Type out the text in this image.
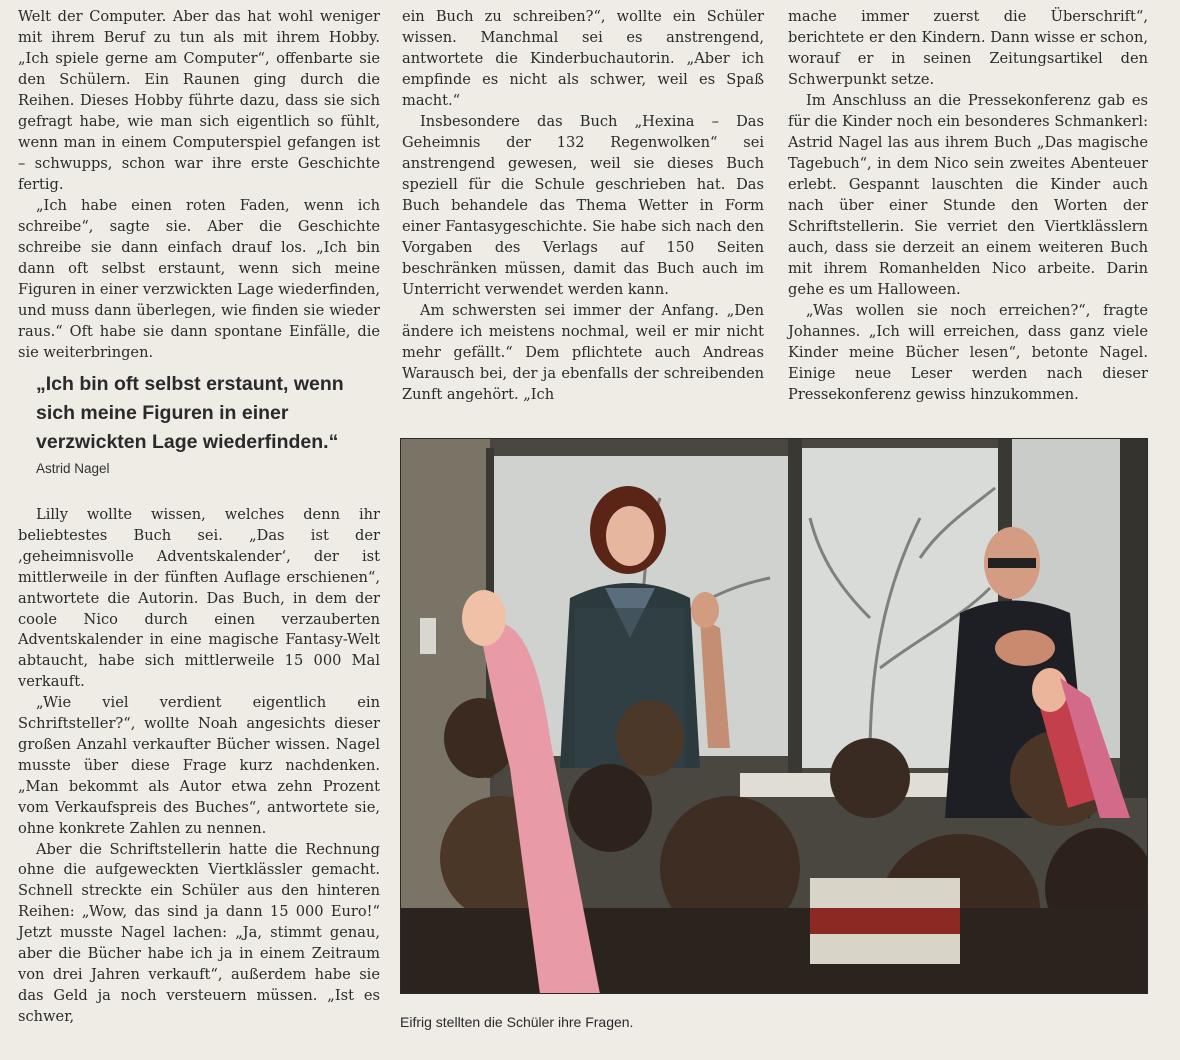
Welt der Computer. Aber das hat wohl weniger mit ihrem Beruf zu tun als mit ihrem Hobby. „Ich spiele gerne am Computer“, offenbarte sie den Schülern. Ein Raunen ging durch die Reihen. Dieses Hobby führte dazu, dass sie sich gefragt habe, wie man sich eigentlich so fühlt, wenn man in einem Computerspiel gefangen ist – schwupps, schon war ihre erste Geschichte fertig.

„Ich habe einen roten Faden, wenn ich schreibe“, sagte sie. Aber die Geschichte schreibe sie dann einfach drauf los. „Ich bin dann oft selbst erstaunt, wenn sich meine Figuren in einer verzwickten Lage wiederfinden, und muss dann überlegen, wie finden sie wieder raus.“ Oft habe sie dann spontane Einfälle, die sie weiterbringen.

„Ich bin oft selbst erstaunt, wenn sich meine Figuren in einer verzwickten Lage wiederfinden.“

Astrid Nagel

Lilly wollte wissen, welches denn ihr beliebtestes Buch sei. „Das ist der ‚geheimnisvolle Adventskalender‘, der ist mittlerweile in der fünften Auflage erschienen“, antwortete die Autorin. Das Buch, in dem der coole Nico durch einen verzauberten Adventskalender in eine magische Fantasy-Welt abtaucht, habe sich mittlerweile 15 000 Mal verkauft.

„Wie viel verdient eigentlich ein Schriftsteller?“, wollte Noah angesichts dieser großen Anzahl verkaufter Bücher wissen. Nagel musste über diese Frage kurz nachdenken. „Man bekommt als Autor etwa zehn Prozent vom Verkaufspreis des Buches“, antwortete sie, ohne konkrete Zahlen zu nennen.

Aber die Schriftstellerin hatte die Rechnung ohne die aufgeweckten Viertklässler gemacht. Schnell streckte ein Schüler aus den hinteren Reihen: „Wow, das sind ja dann 15 000 Euro!“ Jetzt musste Nagel lachen: „Ja, stimmt genau, aber die Bücher habe ich ja in einem Zeitraum von drei Jahren verkauft“, außerdem habe sie das Geld ja noch versteuern müssen. „Ist es schwer,

ein Buch zu schreiben?“, wollte ein Schüler wissen. Manchmal sei es anstrengend, antwortete die Kinderbuchautorin. „Aber ich empfinde es nicht als schwer, weil es Spaß macht.“

Insbesondere das Buch „Hexina – Das Geheimnis der 132 Regenwolken“ sei anstrengend gewesen, weil sie dieses Buch speziell für die Schule geschrieben hat. Das Buch behandele das Thema Wetter in Form einer Fantasygeschichte. Sie habe sich nach den Vorgaben des Verlags auf 150 Seiten beschränken müssen, damit das Buch auch im Unterricht verwendet werden kann.

Am schwersten sei immer der Anfang. „Den ändere ich meistens nochmal, weil er mir nicht mehr gefällt.“ Dem pflichtete auch Andreas Warausch bei, der ja ebenfalls der schreibenden Zunft angehört. „Ich

mache immer zuerst die Überschrift“, berichtete er den Kindern. Dann wisse er schon, worauf er in seinen Zeitungsartikel den Schwerpunkt setze.

Im Anschluss an die Pressekonferenz gab es für die Kinder noch ein besonderes Schmankerl: Astrid Nagel las aus ihrem Buch „Das magische Tagebuch“, in dem Nico sein zweites Abenteuer erlebt. Gespannt lauschten die Kinder auch nach über einer Stunde den Worten der Schriftstellerin. Sie verriet den Viertklässlern auch, dass sie derzeit an einem weiteren Buch mit ihrem Romanhelden Nico arbeite. Darin gehe es um Halloween.

„Was wollen sie noch erreichen?“, fragte Johannes. „Ich will erreichen, dass ganz viele Kinder meine Bücher lesen“, betonte Nagel. Einige neue Leser werden nach dieser Pressekonferenz gewiss hinzukommen.

Eifrig stellten die Schüler ihre Fragen.
